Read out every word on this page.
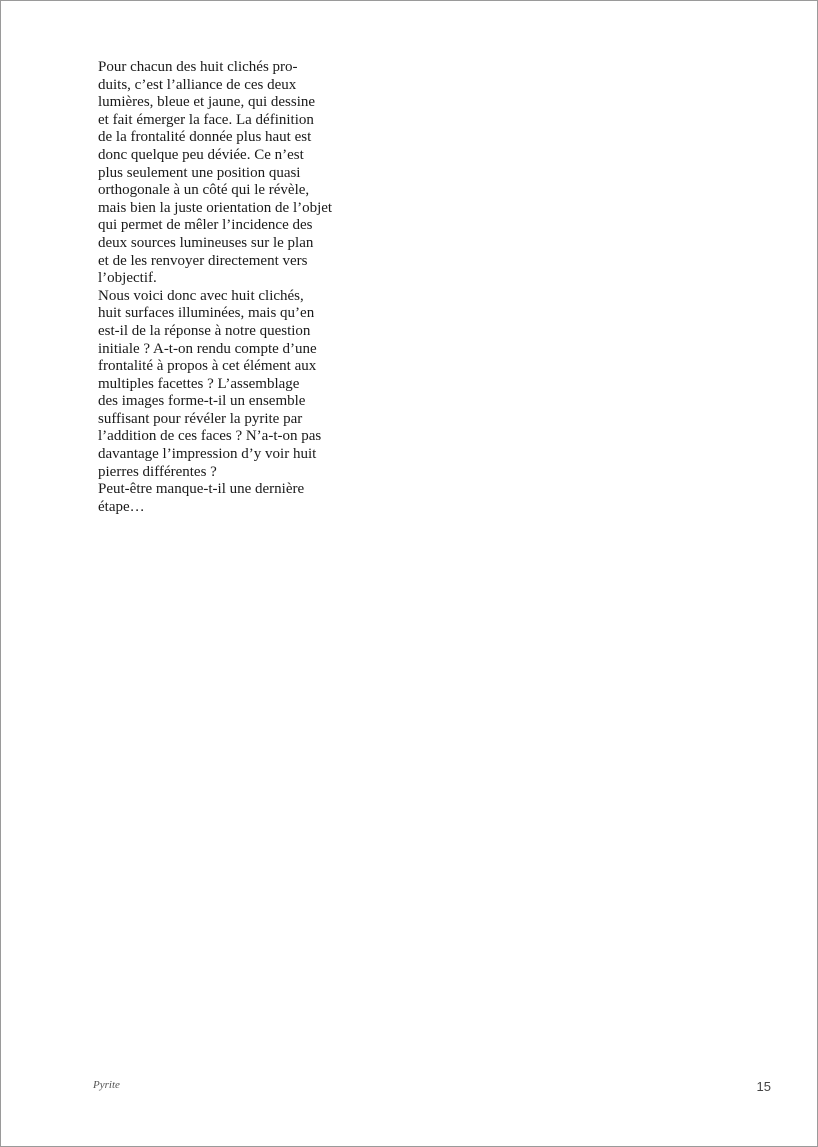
Pour chacun des huit clichés pro-
duits, c’est l’alliance de ces deux
lumières, bleue et jaune, qui dessine
et fait émerger la face. La définition
de la frontalité donnée plus haut est
donc quelque peu déviée. Ce n’est
plus seulement une position quasi
orthogonale à un côté qui le révèle,
mais bien la juste orientation de l’objet
qui permet de mêler l’incidence des
deux sources lumineuses sur le plan
et de les renvoyer directement vers
l’objectif.
Nous voici donc avec huit clichés,
huit surfaces illuminées, mais qu’en
est-il de la réponse à notre question
initiale ? A-t-on rendu compte d’une
frontalité à propos à cet élément aux
multiples facettes ? L’assemblage
des images forme-t-il un ensemble
suffisant pour révéler la pyrite par
l’addition de ces faces ? N’a-t-on pas
davantage l’impression d’y voir huit
pierres différentes ?
Peut-être manque-t-il une dernière
étape…
Pyrite	15
